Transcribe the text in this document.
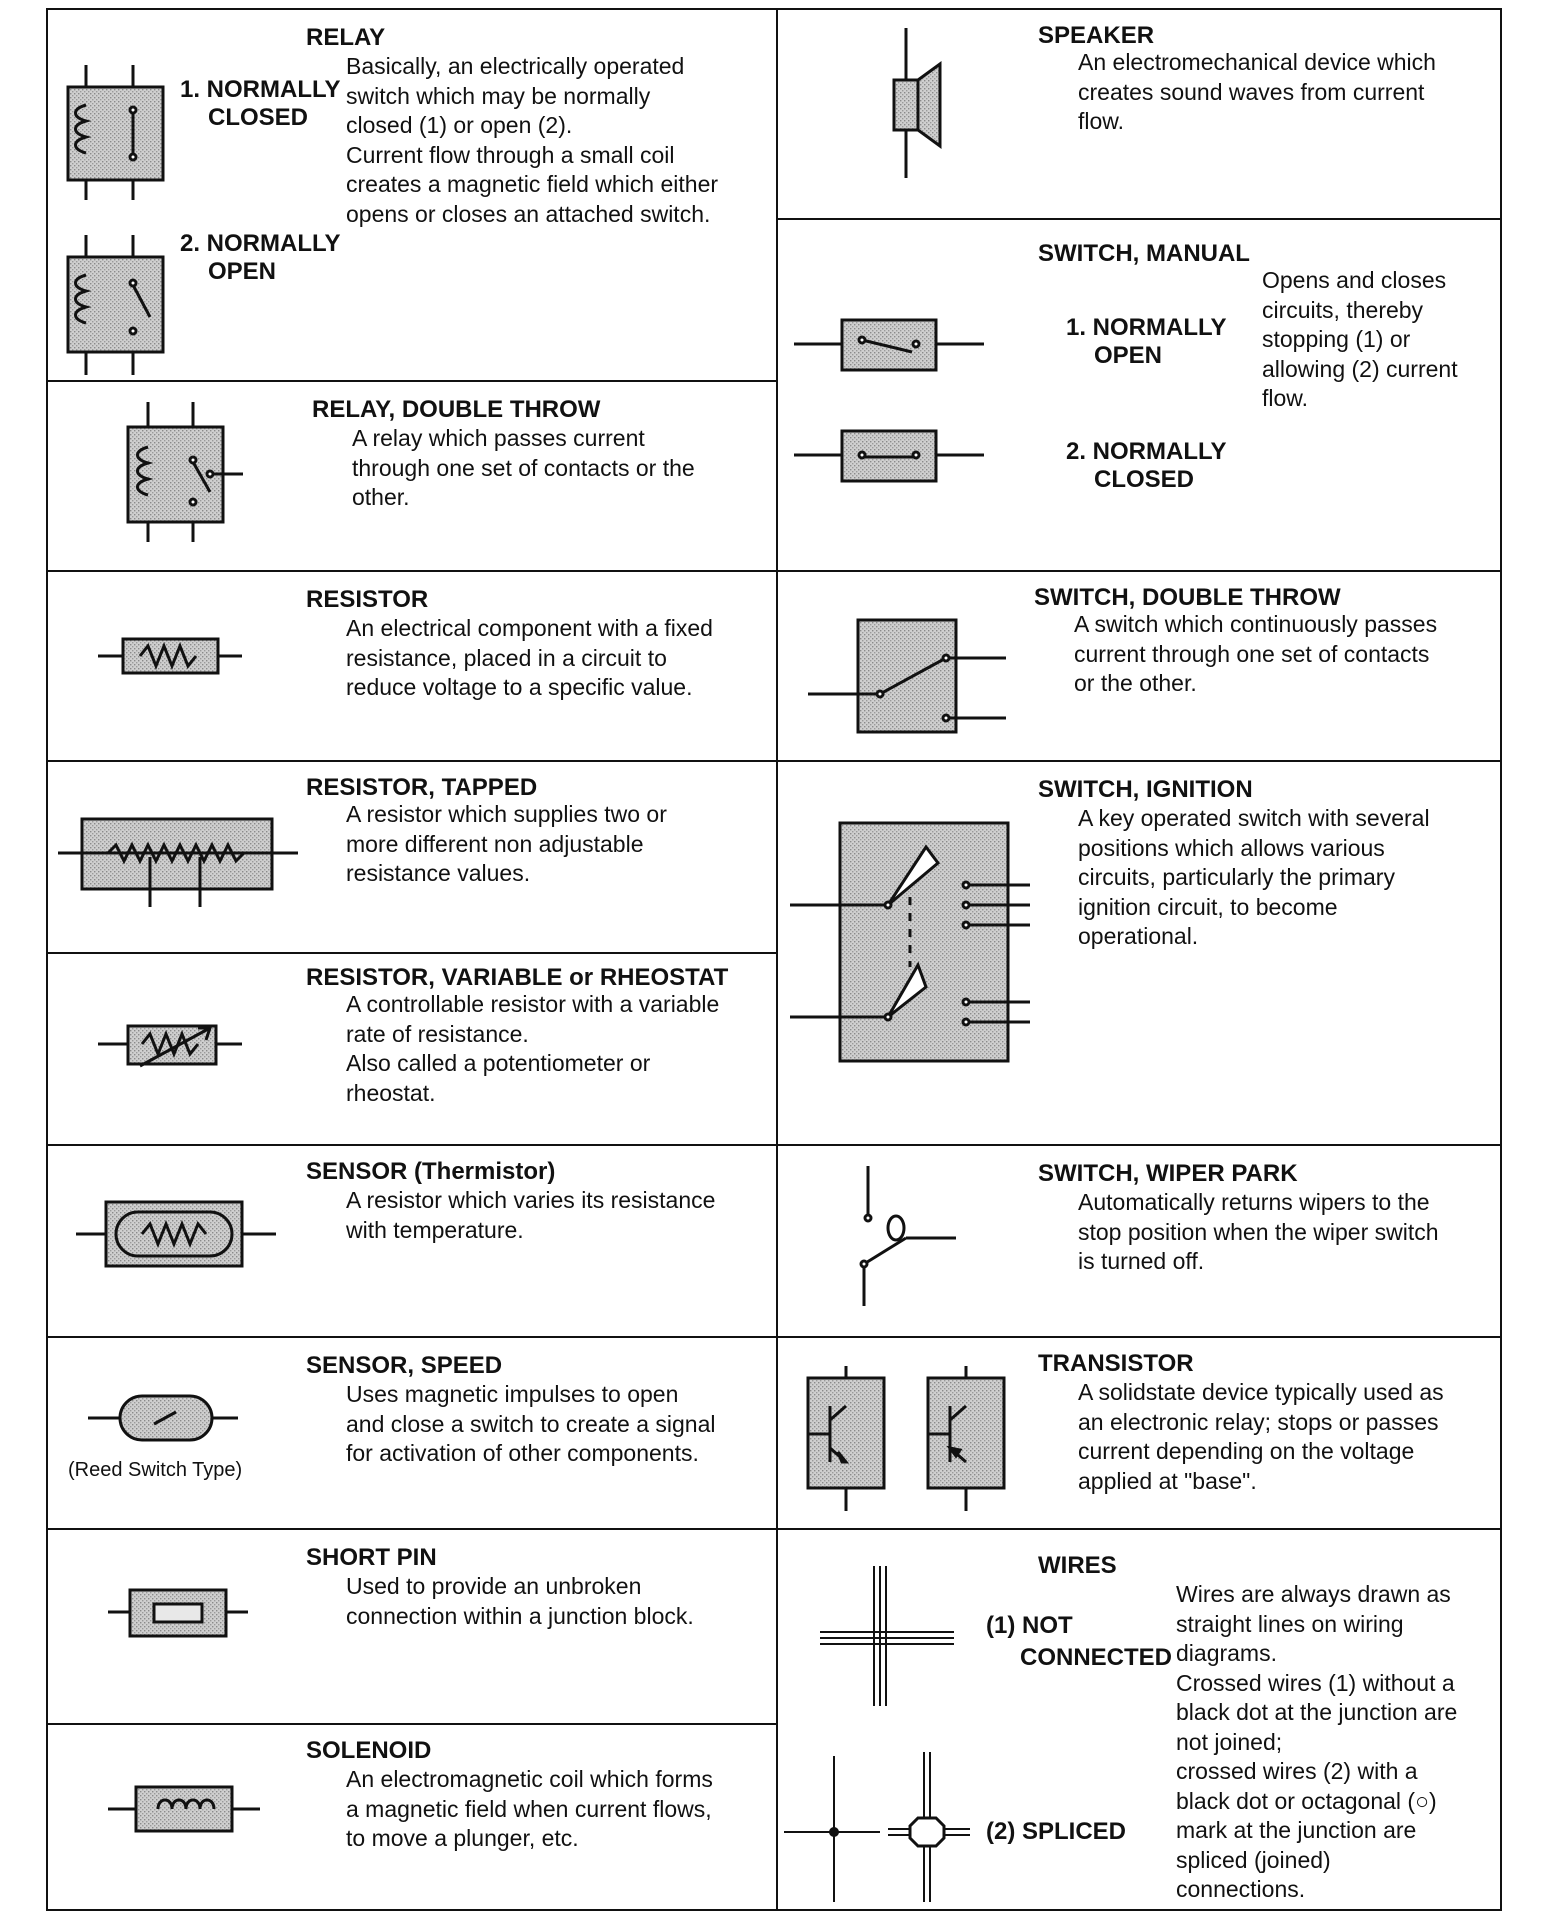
RELAY
1. NORMALLY
CLOSED
2. NORMALLY
OPEN
Basically, an electrically operated
switch which may be normally
closed (1) or open (2).
Current flow through a small coil
creates a magnetic field which either
opens or closes an attached switch.
RELAY, DOUBLE THROW
A relay which passes current
through one set of contacts or the
other.
RESISTOR
An electrical component with a fixed
resistance, placed in a circuit to
reduce voltage to a specific value.
RESISTOR, TAPPED
A resistor which supplies two or
more different non adjustable
resistance values.
RESISTOR, VARIABLE or RHEOSTAT
A controllable resistor with a variable
rate of resistance.
Also called a potentiometer or
rheostat.
SENSOR (Thermistor)
A resistor which varies its resistance
with temperature.
(Reed Switch Type)
SENSOR, SPEED
Uses magnetic impulses to open
and close a switch to create a signal
for activation of other components.
SHORT PIN
Used to provide an unbroken
connection within a junction block.
SOLENOID
An electromagnetic coil which forms
a magnetic field when current flows,
to move a plunger, etc.
SPEAKER
An electromechanical device which
creates sound waves from current
flow.
SWITCH, MANUAL
1. NORMALLY
OPEN
2. NORMALLY
CLOSED
Opens and closes
circuits, thereby
stopping (1) or
allowing (2) current
flow.
SWITCH, DOUBLE THROW
A switch which continuously passes
current through one set of contacts
or the other.
SWITCH, IGNITION
A key operated switch with several
positions which allows various
circuits, particularly the primary
ignition circuit, to become
operational.
SWITCH, WIPER PARK
Automatically returns wipers to the
stop position when the wiper switch
is turned off.
TRANSISTOR
A solidstate device typically used as
an electronic relay; stops or passes
current depending on the voltage
applied at "base".
WIRES
(1) NOT
CONNECTED
(2) SPLICED
Wires are always drawn as
straight lines on wiring
diagrams.
Crossed wires (1) without a
black dot at the junction are
not joined;
crossed wires (2) with a
black dot or octagonal (○)
mark at the junction are
spliced (joined)
connections.
